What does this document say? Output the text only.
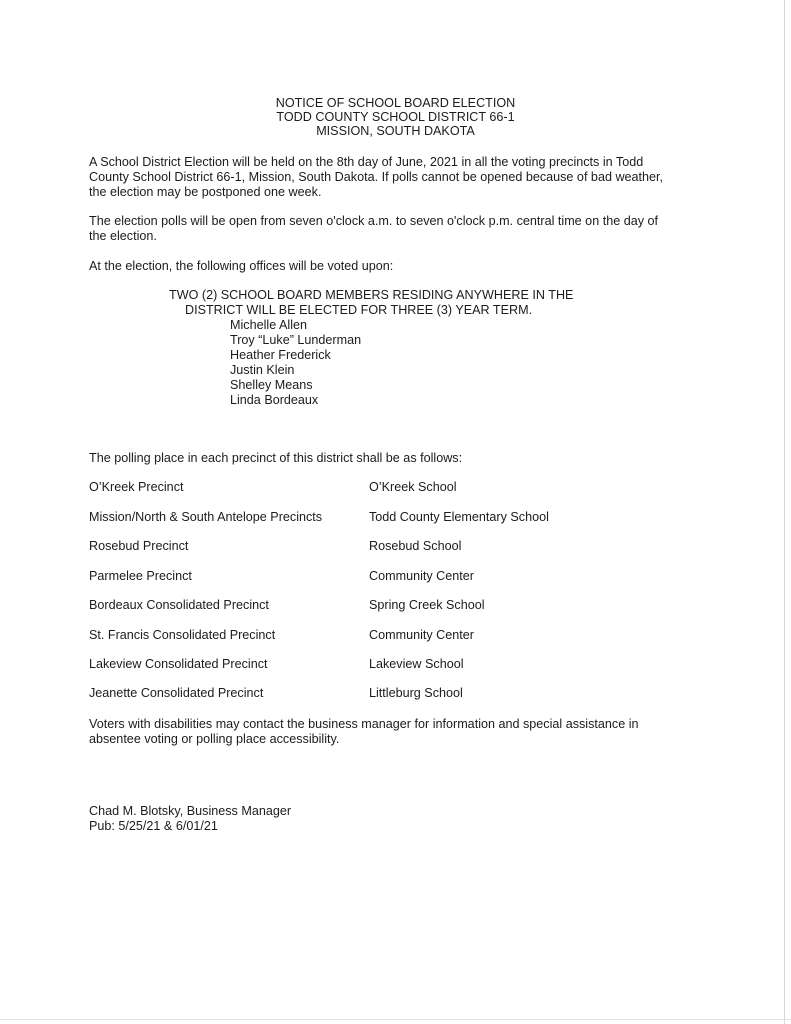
NOTICE OF SCHOOL BOARD ELECTION
TODD COUNTY SCHOOL DISTRICT 66-1
MISSION, SOUTH DAKOTA
A School District Election will be held on the 8th day of June, 2021 in all the voting precincts in Todd
County School District 66-1, Mission, South Dakota. If polls cannot be opened because of bad weather,
the election may be postponed one week.
The election polls will be open from seven o'clock a.m. to seven o'clock p.m. central time on the day of
the election.
At the election, the following offices will be voted upon:
TWO (2) SCHOOL BOARD MEMBERS RESIDING ANYWHERE IN THE
DISTRICT WILL BE ELECTED FOR THREE (3) YEAR TERM.
Michelle Allen
Troy “Luke” Lunderman
Heather Frederick
Justin Klein
Shelley Means
Linda Bordeaux
The polling place in each precinct of this district shall be as follows:
O’Kreek Precinct	O’Kreek School
Mission/North & South Antelope Precincts	Todd County Elementary School
Rosebud Precinct	Rosebud School
Parmelee Precinct	Community Center
Bordeaux Consolidated Precinct	Spring Creek School
St. Francis Consolidated Precinct	Community Center
Lakeview Consolidated Precinct	Lakeview School
Jeanette Consolidated Precinct	Littleburg School
Voters with disabilities may contact the business manager for information and special assistance in
absentee voting or polling place accessibility.
Chad M. Blotsky, Business Manager
Pub: 5/25/21 & 6/01/21
